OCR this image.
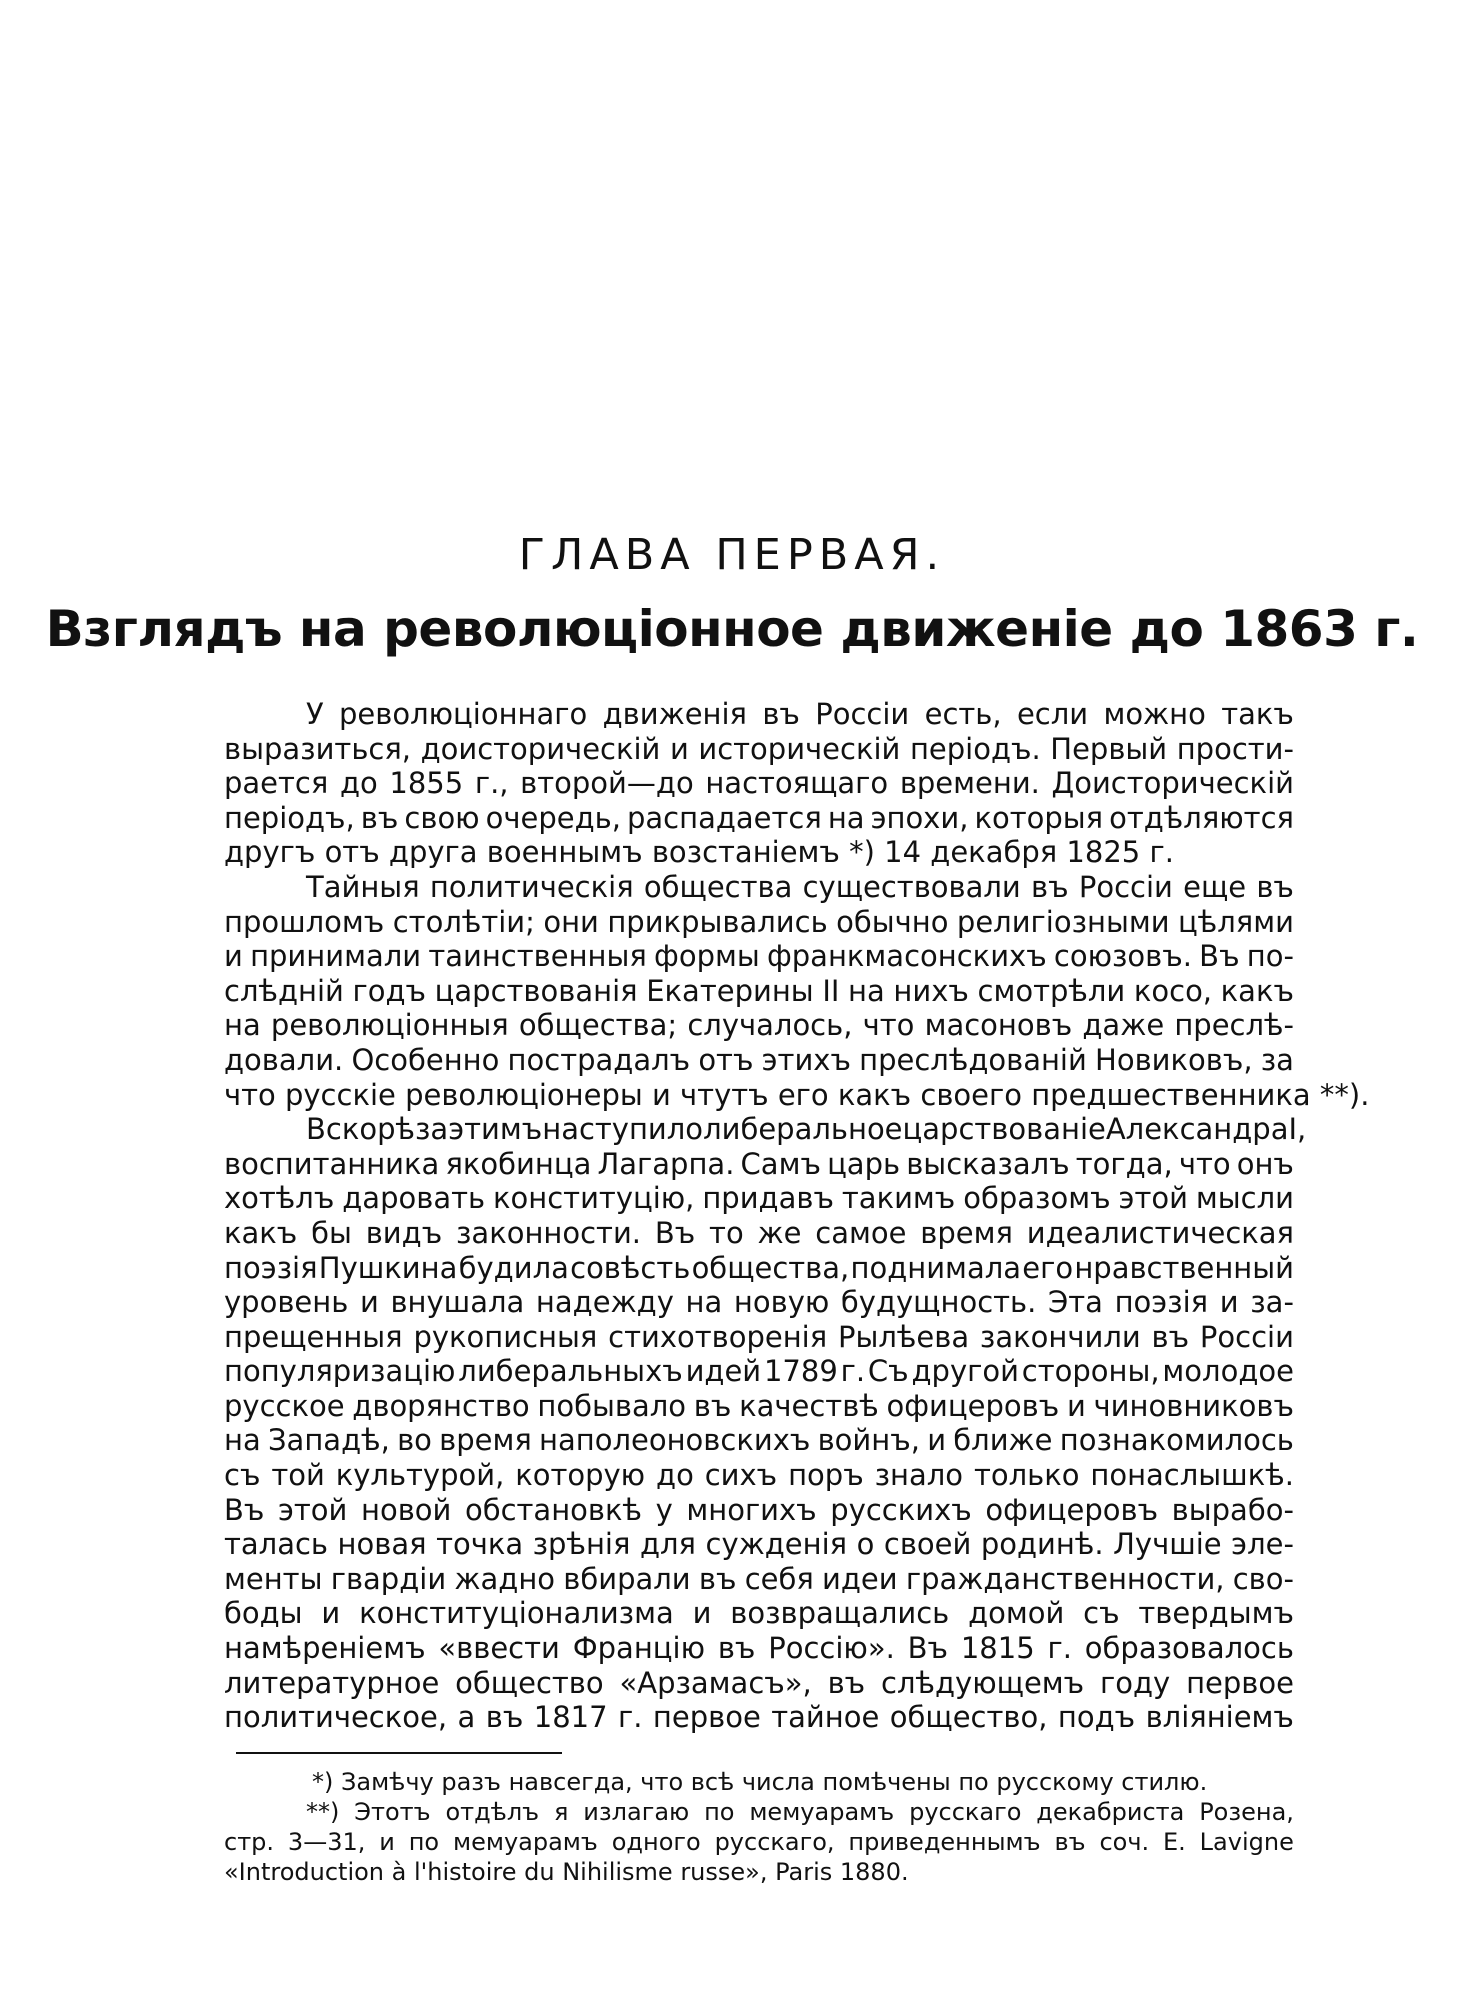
ГЛАВА ПЕРВАЯ.
Взглядъ на революціонное движеніе до 1863 г.
У революціоннаго движенія въ Россіи есть, если можно такъ
выразиться, доисторическій и историческій періодъ. Первый прости-
рается до 1855 г., второй—до настоящаго времени. Доисторическій
періодъ, въ свою очередь, распадается на эпохи, которыя отдѣляются
другъ отъ друга военнымъ возстаніемъ *) 14 декабря 1825 г.
Тайныя политическія общества существовали въ Россіи еще въ
прошломъ столѣтіи; они прикрывались обычно религіозными цѣлями
и принимали таинственныя формы франкмасонскихъ союзовъ. Въ по-
слѣдній годъ царствованія Екатерины II на нихъ смотрѣли косо, какъ
на революціонныя общества; случалось, что масоновъ даже преслѣ-
довали. Особенно пострадалъ отъ этихъ преслѣдованій Новиковъ, за
что русскіе революціонеры и чтутъ его какъ своего предшественника **).
Вскорѣ за этимъ наступило либеральное царствованіе Александра I,
воспитанника якобинца Лагарпа. Самъ царь высказалъ тогда, что онъ
хотѣлъ даровать конституцію, придавъ такимъ образомъ этой мысли
какъ бы видъ законности. Въ то же самое время идеалистическая
поэзія Пушкина будила совѣсть общества, поднимала его нравственный
уровень и внушала надежду на новую будущность. Эта поэзія и за-
прещенныя рукописныя стихотворенія Рылѣева закончили въ Россіи
популяризацію либеральныхъ идей 1789 г. Съ другой стороны, молодое
русское дворянство побывало въ качествѣ офицеровъ и чиновниковъ
на Западѣ, во время наполеоновскихъ войнъ, и ближе познакомилось
съ той культурой, которую до сихъ поръ знало только понаслышкѣ.
Въ этой новой обстановкѣ у многихъ русскихъ офицеровъ вырабо-
талась новая точка зрѣнія для сужденія о своей родинѣ. Лучшіе эле-
менты гвардіи жадно вбирали въ себя идеи гражданственности, сво-
боды и конституціонализма и возвращались домой съ твердымъ
намѣреніемъ «ввести Францію въ Россію». Въ 1815 г. образовалось
литературное общество «Арзамасъ», въ слѣдующемъ году первое
политическое, а въ 1817 г. первое тайное общество, подъ вліяніемъ
*) Замѣчу разъ навсегда, что всѣ числа помѣчены по русскому стилю.
**) Этотъ отдѣлъ я излагаю по мемуарамъ русскаго декабриста Розена,
стр. 3—31, и по мемуарамъ одного русскаго, приведеннымъ въ соч. E. Lavigne
«Introduction à l'histoire du Nihilisme russe», Paris 1880.
